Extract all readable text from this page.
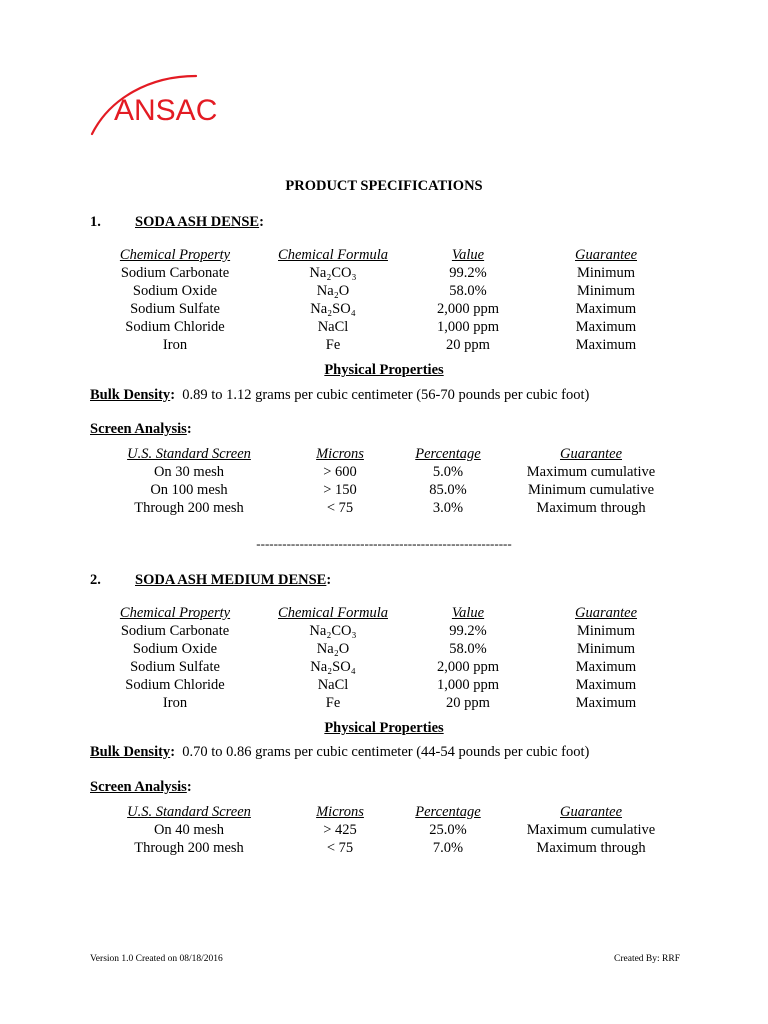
ANSAC
PRODUCT SPECIFICATIONS
1. SODA ASH DENSE:
Chemical Property	Chemical Formula	Value	Guarantee
Sodium Carbonate	Na₂CO₃	99.2%	Minimum
Sodium Oxide	Na₂O	58.0%	Minimum
Sodium Sulfate	Na₂SO₄	2,000 ppm	Maximum
Sodium Chloride	NaCl	1,000 ppm	Maximum
Iron	Fe	20 ppm	Maximum
Physical Properties
Bulk Density: 0.89 to 1.12 grams per cubic centimeter (56-70 pounds per cubic foot)
Screen Analysis:
U.S. Standard Screen	Microns	Percentage	Guarantee
On 30 mesh	> 600	5.0%	Maximum cumulative
On 100 mesh	> 150	85.0%	Minimum cumulative
Through 200 mesh	< 75	3.0%	Maximum through
-----------------------------------------------------------
2. SODA ASH MEDIUM DENSE:
Chemical Property	Chemical Formula	Value	Guarantee
Sodium Carbonate	Na₂CO₃	99.2%	Minimum
Sodium Oxide	Na₂O	58.0%	Minimum
Sodium Sulfate	Na₂SO₄	2,000 ppm	Maximum
Sodium Chloride	NaCl	1,000 ppm	Maximum
Iron	Fe	20 ppm	Maximum
Physical Properties
Bulk Density: 0.70 to 0.86 grams per cubic centimeter (44-54 pounds per cubic foot)
Screen Analysis:
U.S. Standard Screen	Microns	Percentage	Guarantee
On 40 mesh	> 425	25.0%	Maximum cumulative
Through 200 mesh	< 75	7.0%	Maximum through
Version 1.0 Created on 08/18/2016	Created By: RRF
